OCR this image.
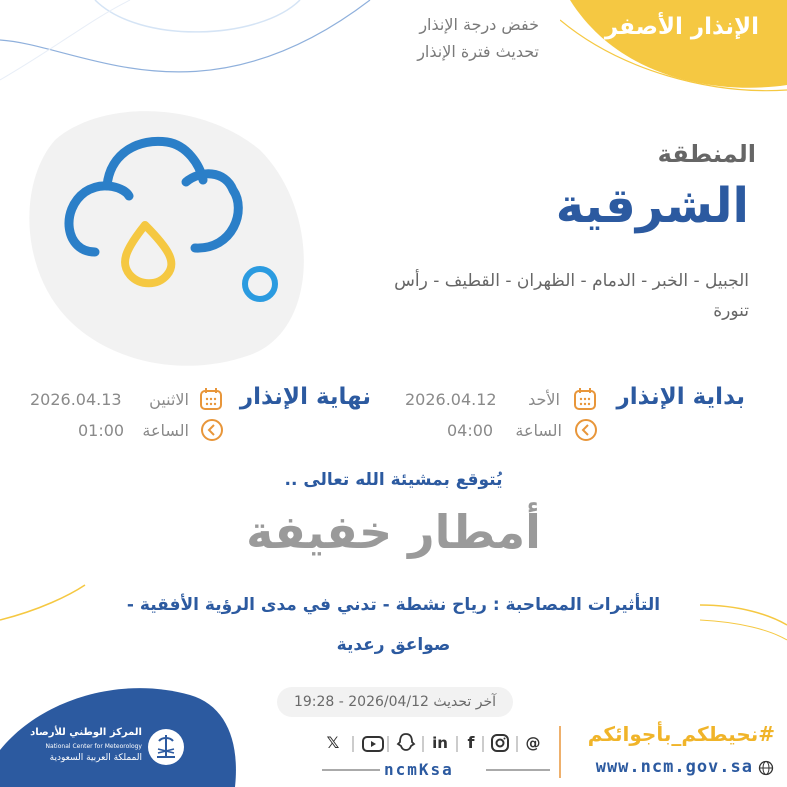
الإنذار الأصفر
خفض درجة الإنذار
تحديث فترة الإنذار
المنطقة
الشرقية
الجبيل - الخبر - الدمام - الظهران - القطيف - رأس تنورة
بداية الإنذار
الأحد
2026.04.12
الساعة
04:00
نهاية الإنذار
الاثنين
2026.04.13
الساعة
01:00
يُتوقع بمشيئة الله تعالى ..
أمطار خفيفة
التأثيرات المصاحبة : رياح نشطة - تدني في مدى الرؤية الأفقية -
صواعق رعدية
آخر تحديث 2026/04/12 - 19:28
المركز الوطني للأرصاد
National Center for Meteorology
المملكة العربية السعودية
𝕏	in	f	@
ncmKsa
#نحيطكم_بأجوائكم
www.ncm.gov.sa
